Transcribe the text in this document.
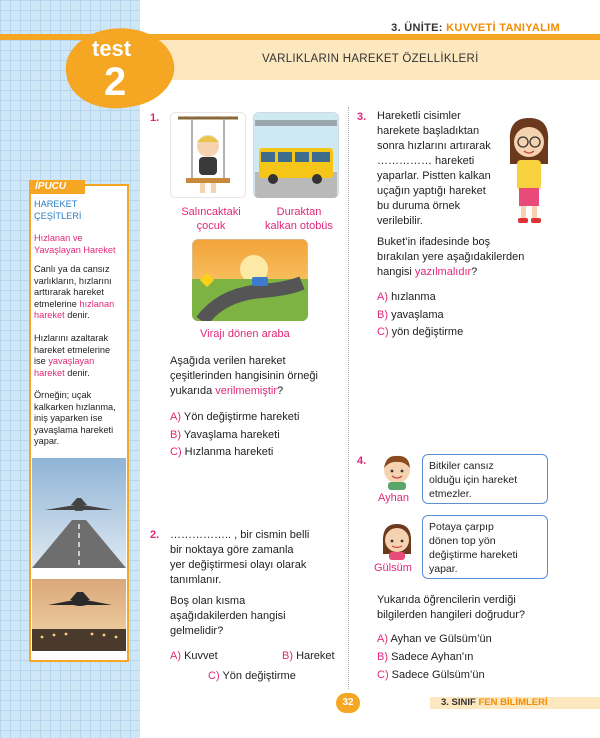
3. ÜNİTE: KUVVETİ TANIYALIM
VARLIKLARIN HAREKET ÖZELLİKLERİ
test
2
İPUCU
HAREKET
ÇEŞİTLERİ
Hızlanan ve
Yavaşlayan Hareket
Canlı ya da cansız
varlıkların, hızlarını
arttırarak hareket
etmelerine hızlanan
hareket denir.
Hızlarını azaltarak
hareket etmelerine
ise yavaşlayan
hareket denir.
Örneğin; uçak
kalkarken hızlanma,
iniş yaparken ise
yavaşlama hareketi
yapar.
1.
Salıncaktaki
çocuk
Duraktan
kalkan otobüs
Virajı dönen araba
Aşağıda verilen hareket
çeşitlerinden hangisinin örneği
yukarıda verilmemiştir?
A) Yön değiştirme hareketi
B) Yavaşlama hareketi
C) Hızlanma hareketi
2. …………….. , bir cismin belli
bir noktaya göre zamanla
yer değiştirmesi olayı olarak
tanımlanır.
Boş olan kısma
aşağıdakilerden hangisi
gelmelidir?
A) Kuvvet	B) Hareket
C) Yön değiştirme
3. Hareketli cisimler
harekete başladıktan
sonra hızlarını artırarak
…………… hareketi
yaparlar. Pistten kalkan
uçağın yaptığı hareket
bu duruma örnek
verilebilir.
Buket’in ifadesinde boş
bırakılan yere aşağıdakilerden
hangisi yazılmalıdır?
A) hızlanma
B) yavaşlama
C) yön değiştirme
4.
Ayhan
Bitkiler cansız
olduğu için hareket
etmezler.
Gülsüm
Potaya çarpıp
dönen top yön
değiştirme hareketi
yapar.
Yukarıda öğrencilerin verdiği
bilgilerden hangileri doğrudur?
A) Ayhan ve Gülsüm’ün
B) Sadece Ayhan’ın
C) Sadece Gülsüm’ün
32	3. SINIF FEN BİLİMLERİ
